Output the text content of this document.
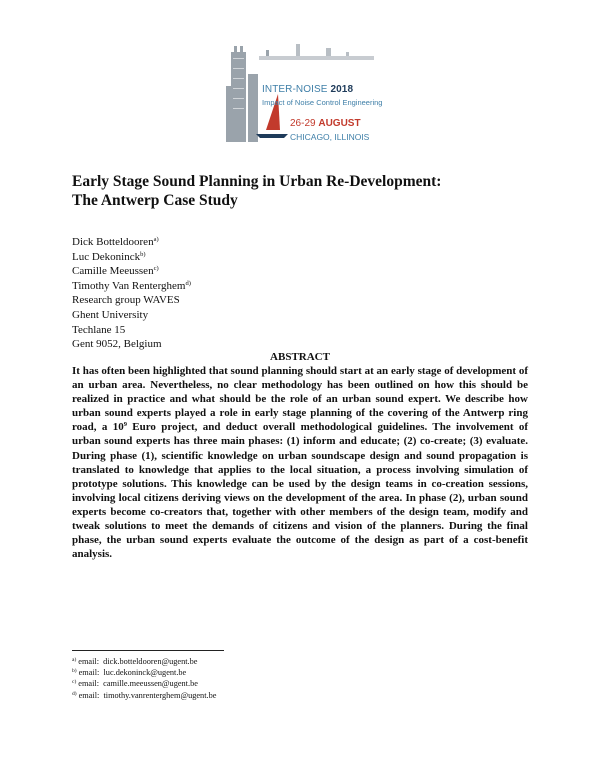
INTER-NOISE 2018
Impact of Noise Control Engineering
26-29 AUGUST
CHICAGO, ILLINOIS
Early Stage Sound Planning in Urban Re-Development:
The Antwerp Case Study
Dick Botteldooren$^{a)}$
Luc Dekoninck$^{b)}$
Camille Meeussen$^{c)}$
Timothy Van Renterghem$^{d)}$
Research group WAVES
Ghent University
Techlane 15
Gent 9052, Belgium
ABSTRACT

It has often been highlighted that sound planning should start at an early stage of development of an urban area. Nevertheless, no clear methodology has been outlined on how this should be realized in practice and what should be the role of an urban sound expert. We describe how urban sound experts played a role in early stage planning of the covering of the Antwerp ring road, a $10^9$ Euro project, and deduct overall methodological guidelines. The involvement of urban sound experts has three main phases: (1) inform and educate; (2) co-create; (3) evaluate. During phase (1), scientific knowledge on urban soundscape design and sound propagation is translated to knowledge that applies to the local situation, a process involving simulation of prototype solutions. This knowledge can be used by the design teams in co-creation sessions, involving local citizens deriving views on the development of the area. In phase (2), urban sound experts become co-creators that, together with other members of the design team, modify and tweak solutions to meet the demands of citizens and vision of the planners. During the final phase, the urban sound experts evaluate the outcome of the design as part of a cost-benefit analysis.

$^{a)}$ email: dick.botteldooren@ugent.be
$^{b)}$ email: luc.dekoninck@ugent.be
$^{c)}$ email: camille.meeussen@ugent.be
$^{d)}$ email: timothy.vanrenterghem@ugent.be
